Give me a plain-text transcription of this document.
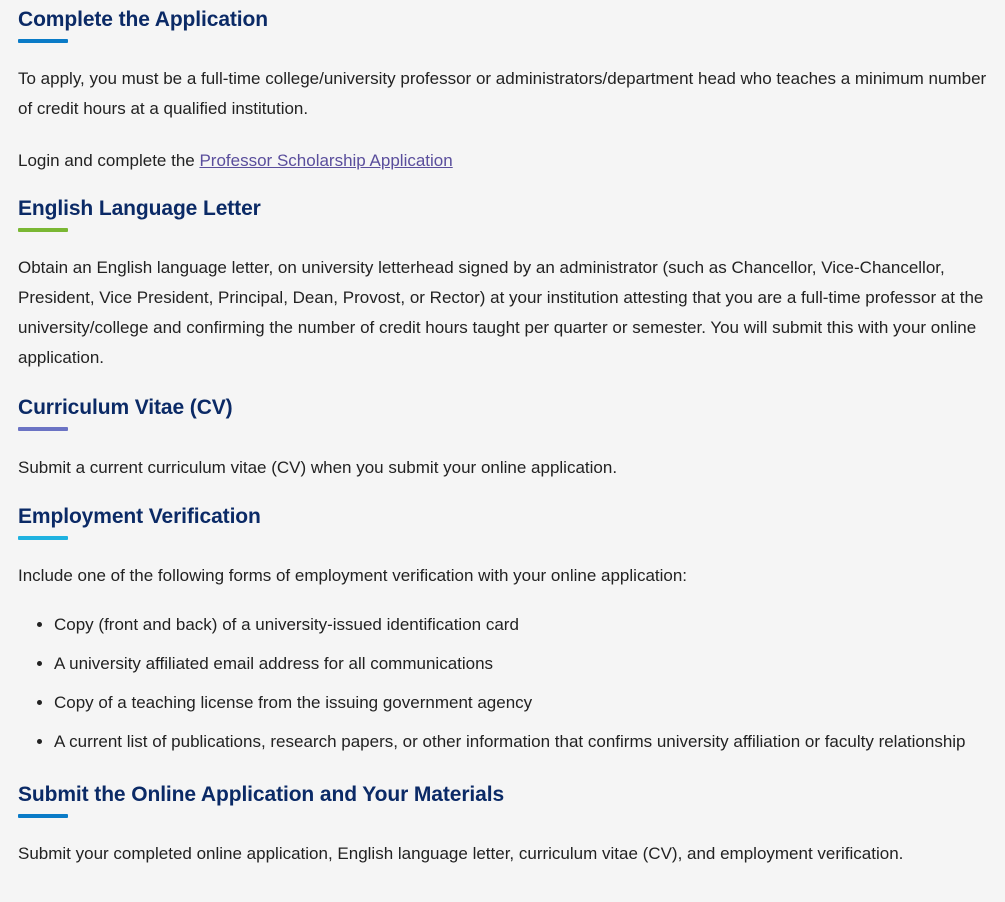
Complete the Application

To apply, you must be a full-time college/university professor or administrators/department head who teaches a minimum number of credit hours at a qualified institution.

Login and complete the Professor Scholarship Application

English Language Letter

Obtain an English language letter, on university letterhead signed by an administrator (such as Chancellor, Vice-Chancellor, President, Vice President, Principal, Dean, Provost, or Rector) at your institution attesting that you are a full-time professor at the university/college and confirming the number of credit hours taught per quarter or semester. You will submit this with your online application.

Curriculum Vitae (CV)

Submit a current curriculum vitae (CV) when you submit your online application.

Employment Verification

Include one of the following forms of employment verification with your online application:

• Copy (front and back) of a university-issued identification card
• A university affiliated email address for all communications
• Copy of a teaching license from the issuing government agency
• A current list of publications, research papers, or other information that confirms university affiliation or faculty relationship
Submit the Online Application and Your Materials

Submit your completed online application, English language letter, curriculum vitae (CV), and employment verification.
